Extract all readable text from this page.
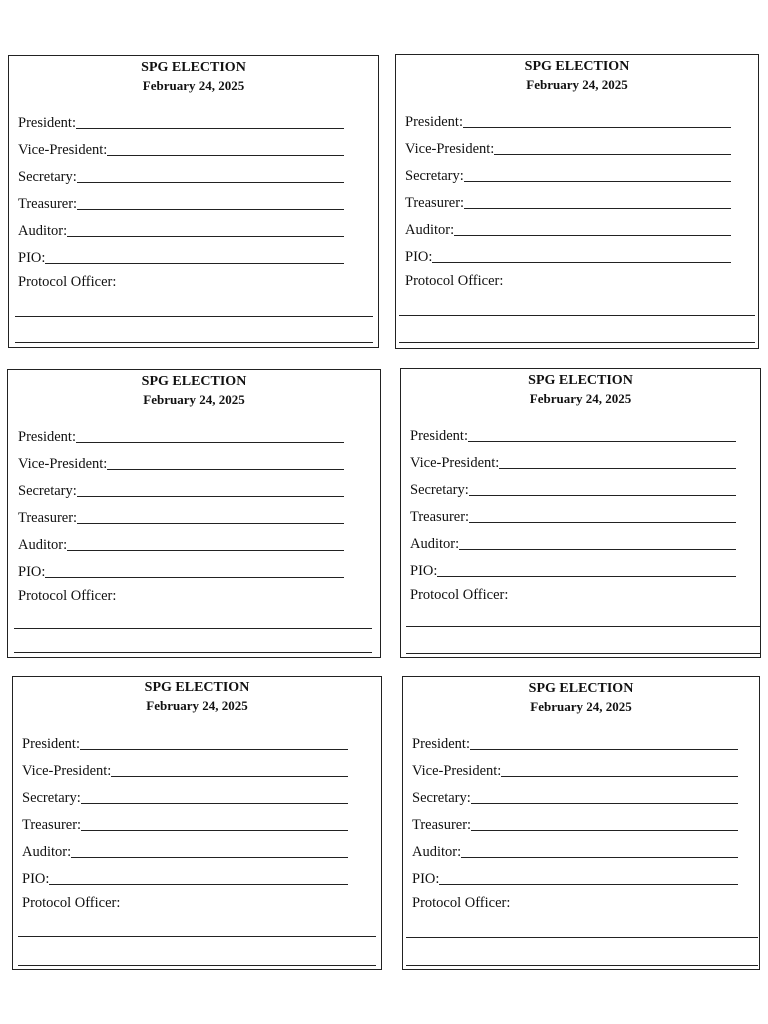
SPG ELECTION
February 24, 2025
President:
Vice-President:
Secretary:
Treasurer:
Auditor:
PIO:
Protocol Officer:
SPG ELECTION
February 24, 2025
President:
Vice-President:
Secretary:
Treasurer:
Auditor:
PIO:
Protocol Officer:
SPG ELECTION
February 24, 2025
President:
Vice-President:
Secretary:
Treasurer:
Auditor:
PIO:
Protocol Officer:
SPG ELECTION
February 24, 2025
President:
Vice-President:
Secretary:
Treasurer:
Auditor:
PIO:
Protocol Officer:
SPG ELECTION
February 24, 2025
President:
Vice-President:
Secretary:
Treasurer:
Auditor:
PIO:
Protocol Officer:
SPG ELECTION
February 24, 2025
President:
Vice-President:
Secretary:
Treasurer:
Auditor:
PIO:
Protocol Officer:
